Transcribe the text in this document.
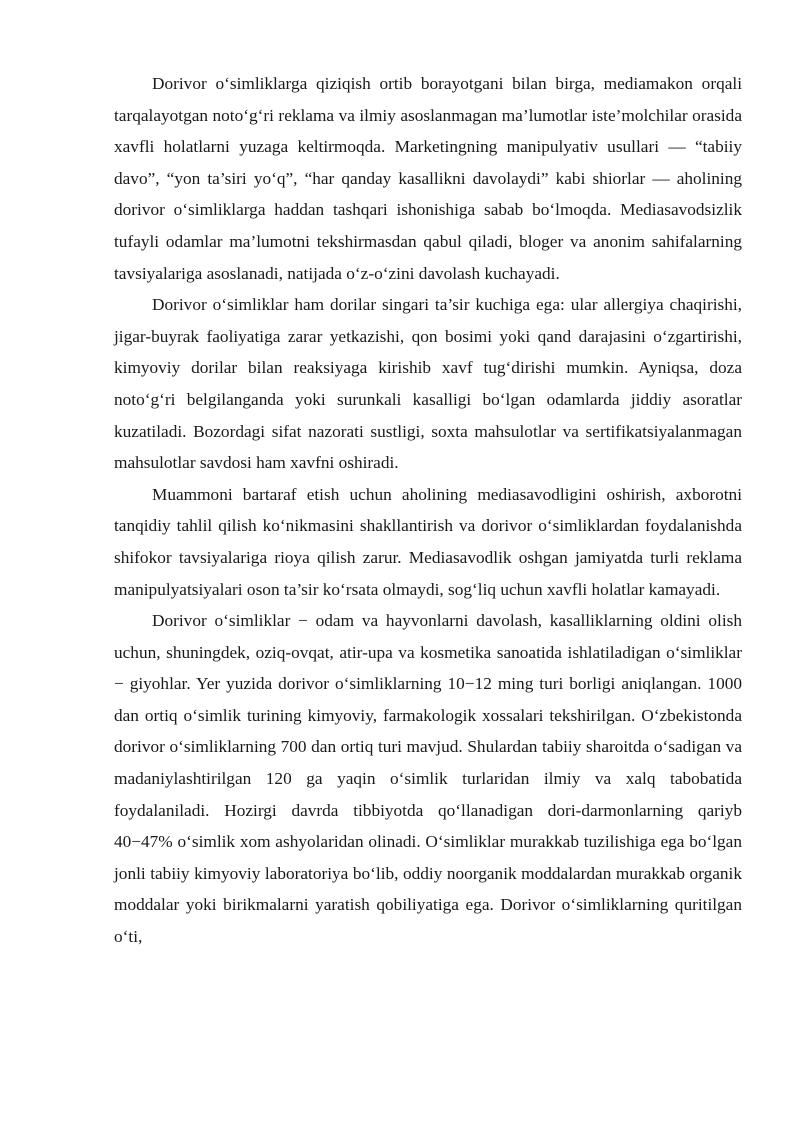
Dorivor o‘simliklarga qiziqish ortib borayotgani bilan birga, mediamakon orqali tarqalayotgan noto‘g‘ri reklama va ilmiy asoslanmagan ma’lumotlar iste’molchilar orasida xavfli holatlarni yuzaga keltirmoqda. Marketingning manipulyativ usullari — “tabiiy davo”, “yon ta’siri yo‘q”, “har qanday kasallikni davolaydi” kabi shiorlar — aholining dorivor o‘simliklarga haddan tashqari ishonishiga sabab bo‘lmoqda. Mediasavodsizlik tufayli odamlar ma’lumotni tekshirmasdan qabul qiladi, bloger va anonim sahifalarning tavsiyalariga asoslanadi, natijada o‘z-o‘zini davolash kuchayadi.

Dorivor o‘simliklar ham dorilar singari ta’sir kuchiga ega: ular allergiya chaqirishi, jigar-buyrak faoliyatiga zarar yetkazishi, qon bosimi yoki qand darajasini o‘zgartirishi, kimyoviy dorilar bilan reaksiyaga kirishib xavf tug‘dirishi mumkin. Ayniqsa, doza noto‘g‘ri belgilanganda yoki surunkali kasalligi bo‘lgan odamlarda jiddiy asoratlar kuzatiladi. Bozordagi sifat nazorati sustligi, soxta mahsulotlar va sertifikatsiyalanmagan mahsulotlar savdosi ham xavfni oshiradi.

Muammoni bartaraf etish uchun aholining mediasavodligini oshirish, axborotni tanqidiy tahlil qilish ko‘nikmasini shakllantirish va dorivor o‘simliklardan foydalanishda shifokor tavsiyalariga rioya qilish zarur. Mediasavodlik oshgan jamiyatda turli reklama manipulyatsiyalari oson ta’sir ko‘rsata olmaydi, sog‘liq uchun xavfli holatlar kamayadi.

Dorivor o‘simliklar − odam va hayvonlarni davolash, kasalliklarning oldini olish uchun, shuningdek, oziq-ovqat, atir-upa va kosmetika sanoatida ishlatiladigan o‘simliklar − giyohlar. Yer yuzida dorivor o‘simliklarning 10−12 ming turi borligi aniqlangan. 1000 dan ortiq o‘simlik turining kimyoviy, farmakologik xossalari tekshirilgan. O‘zbekistonda dorivor o‘simliklarning 700 dan ortiq turi mavjud. Shulardan tabiiy sharoitda o‘sadigan va madaniylashtirilgan 120 ga yaqin o‘simlik turlaridan ilmiy va xalq tabobatida foydalaniladi. Hozirgi davrda tibbiyotda qo‘llanadigan dori-darmonlarning qariyb 40−47% o‘simlik xom ashyolaridan olinadi. O‘simliklar murakkab tuzilishiga ega bo‘lgan jonli tabiiy kimyoviy laboratoriya bo‘lib, oddiy noorganik moddalardan murakkab organik moddalar yoki birikmalarni yaratish qobiliyatiga ega. Dorivor o‘simliklarning quritilgan o‘ti,
